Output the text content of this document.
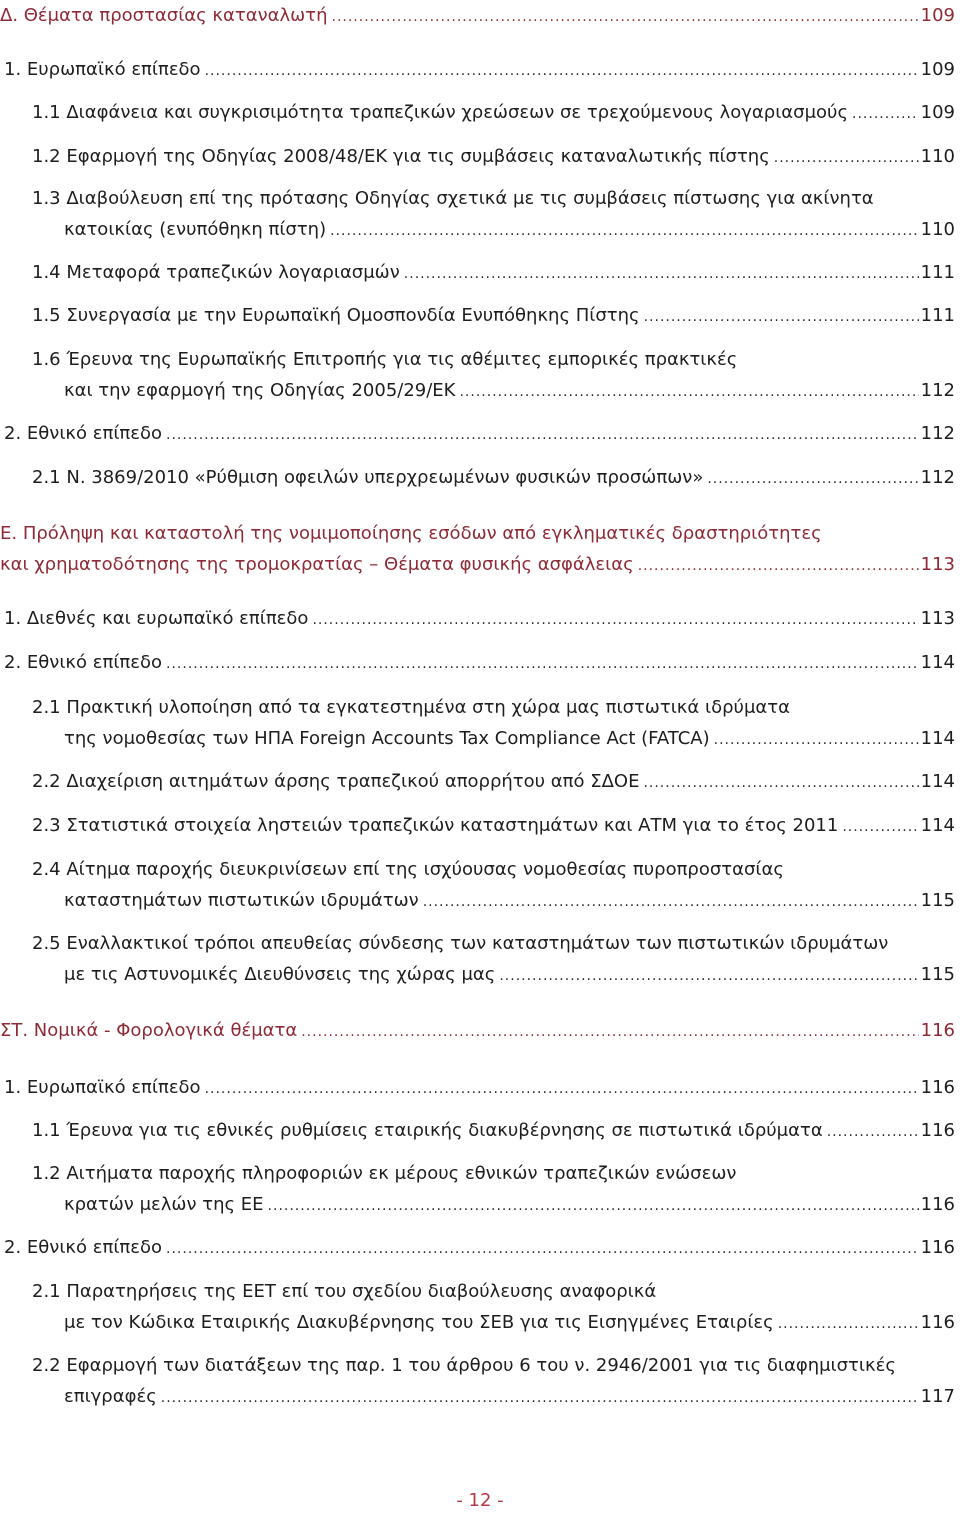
Δ. Θέματα προστασίας καταναλωτή .....	109
1. Ευρωπαϊκό επίπεδο .....	109
1.1 Διαφάνεια και συγκρισιμότητα τραπεζικών χρεώσεων σε τρεχούμενους λογαριασμούς .....	109
1.2 Εφαρμογή της Οδηγίας 2008/48/ΕΚ για τις συμβάσεις καταναλωτικής πίστης .....	110
1.3 Διαβούλευση επί της πρότασης Οδηγίας σχετικά με τις συμβάσεις πίστωσης για ακίνητα
κατοικίας (ενυπόθηκη πίστη) .....	110
1.4 Μεταφορά τραπεζικών λογαριασμών .....	111
1.5 Συνεργασία με την Ευρωπαϊκή Ομοσπονδία Ενυπόθηκης Πίστης .....	111
1.6 Έρευνα της Ευρωπαϊκής Επιτροπής για τις αθέμιτες εμπορικές πρακτικές
και την εφαρμογή της Οδηγίας 2005/29/ΕΚ .....	112
2. Εθνικό επίπεδο .....	112
2.1 Ν. 3869/2010 «Ρύθμιση οφειλών υπερχρεωμένων φυσικών προσώπων» .....	112
Ε. Πρόληψη και καταστολή της νομιμοποίησης εσόδων από εγκληματικές δραστηριότητες
και χρηματοδότησης της τρομοκρατίας – Θέματα φυσικής ασφάλειας .....	113
1. Διεθνές και ευρωπαϊκό επίπεδο .....	113
2. Εθνικό επίπεδο .....	114
2.1 Πρακτική υλοποίηση από τα εγκατεστημένα στη χώρα μας πιστωτικά ιδρύματα
της νομοθεσίας των ΗΠΑ Foreign Accounts Tax Compliance Act (FATCA) .....	114
2.2 Διαχείριση αιτημάτων άρσης τραπεζικού απορρήτου από ΣΔΟΕ .....	114
2.3 Στατιστικά στοιχεία ληστειών τραπεζικών καταστημάτων και ΑΤΜ για το έτος 2011 .....	114
2.4 Αίτημα παροχής διευκρινίσεων επί της ισχύουσας νομοθεσίας πυροπροστασίας
καταστημάτων πιστωτικών ιδρυμάτων .....	115
2.5 Εναλλακτικοί τρόποι απευθείας σύνδεσης των καταστημάτων των πιστωτικών ιδρυμάτων
με τις Αστυνομικές Διευθύνσεις της χώρας μας .....	115
ΣΤ. Νομικά - Φορολογικά θέματα .....	116
1. Ευρωπαϊκό επίπεδο .....	116
1.1 Έρευνα για τις εθνικές ρυθμίσεις εταιρικής διακυβέρνησης σε πιστωτικά ιδρύματα .....	116
1.2 Αιτήματα παροχής πληροφοριών εκ μέρους εθνικών τραπεζικών ενώσεων
κρατών μελών της ΕΕ .....	116
2. Εθνικό επίπεδο .....	116
2.1 Παρατηρήσεις της ΕΕΤ επί του σχεδίου διαβούλευσης αναφορικά
με τον Κώδικα Εταιρικής Διακυβέρνησης του ΣΕΒ για τις Εισηγμένες Εταιρίες .....	116
2.2 Εφαρμογή των διατάξεων της παρ. 1 του άρθρου 6 του ν. 2946/2001 για τις διαφημιστικές
επιγραφές .....	117
- 12 -
